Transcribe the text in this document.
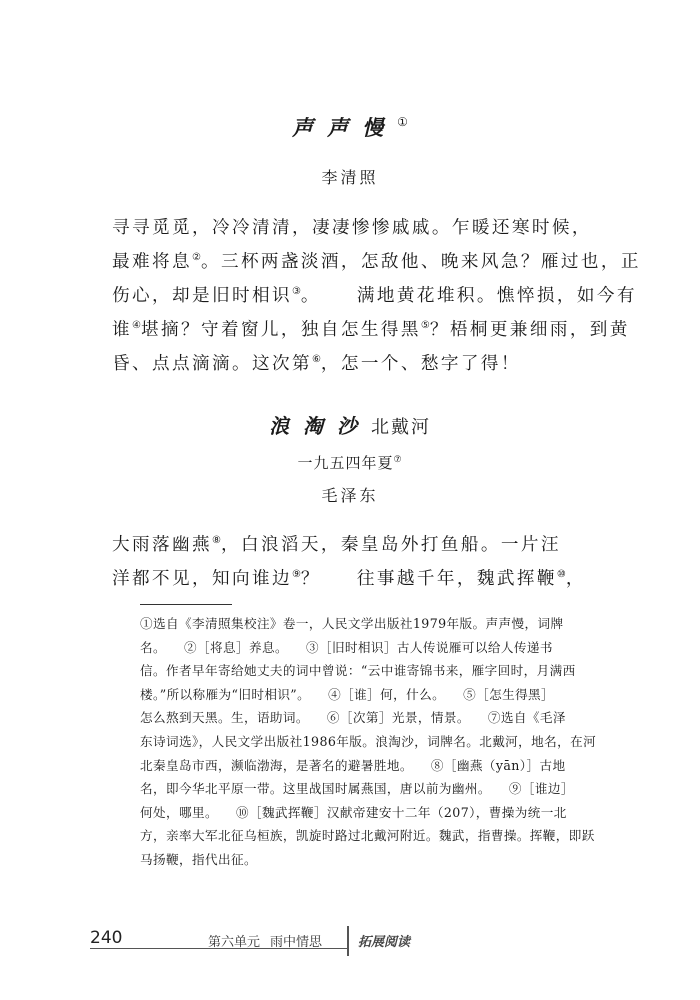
声声慢①
李清照
寻寻觅觅，冷冷清清，凄凄惨惨戚戚。乍暖还寒时候，
最难将息②。三杯两盏淡酒，怎敌他、晚来风急？雁过也，正
伤心，却是旧时相识③。 满地黄花堆积。憔悴损，如今有
谁④堪摘？守着窗儿，独自怎生得黑⑤？梧桐更兼细雨，到黄
昏、点点滴滴。这次第⑥，怎一个、愁字了得！
浪淘沙北戴河
一九五四年夏⑦
毛泽东
大雨落幽燕⑧，白浪滔天，秦皇岛外打鱼船。一片汪
洋都不见，知向谁边⑨？ 往事越千年，魏武挥鞭⑩，
①选自《李清照集校注》卷一，人民文学出版社1979年版。声声慢，词牌
名。 ②［将息］养息。 ③［旧时相识］古人传说雁可以给人传递书
信。作者早年寄给她丈夫的词中曾说：“云中谁寄锦书来，雁字回时，月满西
楼。”所以称雁为“旧时相识”。 ④［谁］何，什么。 ⑤［怎生得黑］
怎么熬到天黑。生，语助词。 ⑥［次第］光景，情景。 ⑦选自《毛泽
东诗词选》，人民文学出版社1986年版。浪淘沙，词牌名。北戴河，地名，在河
北秦皇岛市西，濒临渤海，是著名的避暑胜地。 ⑧［幽燕（yān）］古地
名，即今华北平原一带。这里战国时属燕国，唐以前为幽州。 ⑨［谁边］
何处，哪里。 ⑩［魏武挥鞭］汉献帝建安十二年（207），曹操为统一北
方，亲率大军北征乌桓族，凯旋时路过北戴河附近。魏武，指曹操。挥鞭，即跃
马扬鞭，指代出征。
240	第六单元 雨中情思	拓展阅读
